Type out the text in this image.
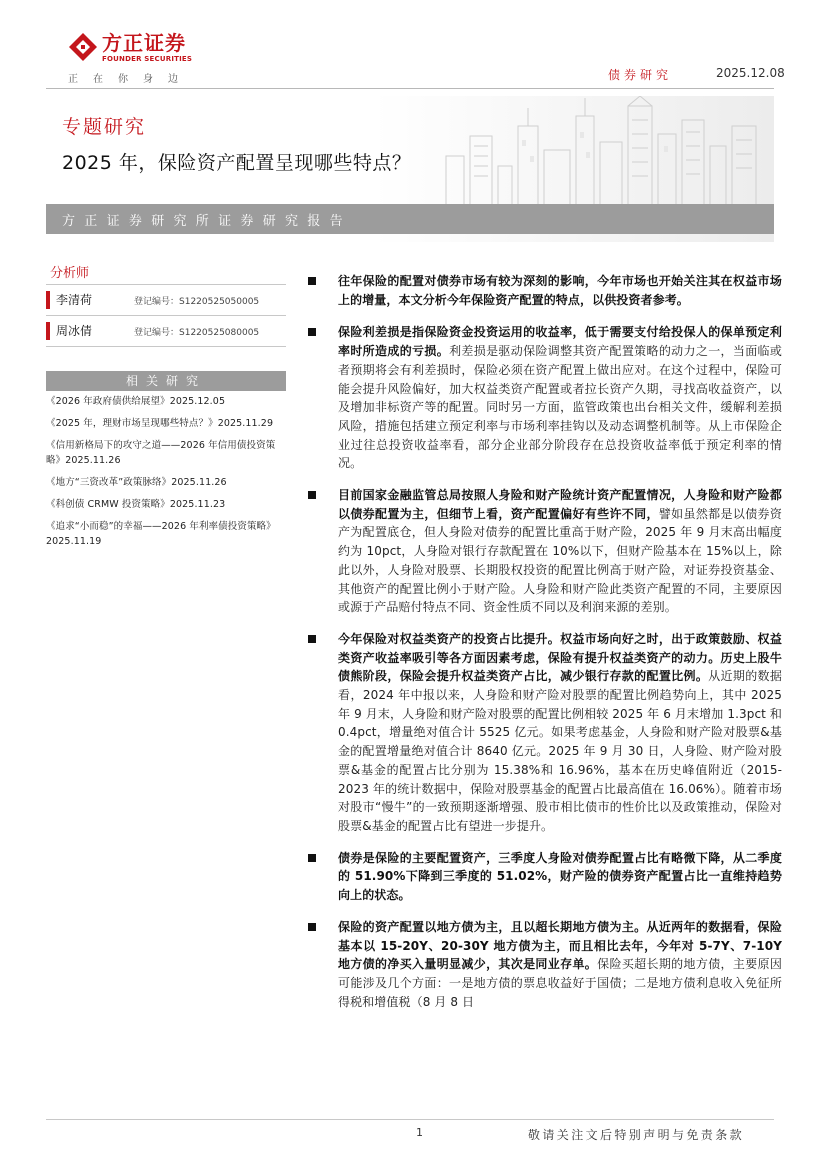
方正证券
FOUNDER SECURITIES
正在你身边	债券研究	2025.12.08
专题研究
2025 年，保险资产配置呈现哪些特点？
方正证券研究所证券研究报告
分析师
李清荷	登记编号：S1220525050005
周冰倩	登记编号：S1220525080005
相关研究
《2026 年政府债供给展望》2025.12.05
《2025 年，理财市场呈现哪些特点？》2025.11.29
《信用新格局下的攻守之道——2026 年信用债投资策略》2025.11.26
《地方“三资改革”政策脉络》2025.11.26
《科创债 CRMW 投资策略》2025.11.23
《追求“小而稳”的幸福——2026 年利率债投资策略》2025.11.19
往年保险的配置对债券市场有较为深刻的影响，今年市场也开始关注其在权益市场上的增量，本文分析今年保险资产配置的特点，以供投资者参考。
保险利差损是指保险资金投资运用的收益率，低于需要支付给投保人的保单预定利率时所造成的亏损。利差损是驱动保险调整其资产配置策略的动力之一，当面临或者预期将会有利差损时，保险必须在资产配置上做出应对。在这个过程中，保险可能会提升风险偏好，加大权益类资产配置或者拉长资产久期，寻找高收益资产，以及增加非标资产等的配置。同时另一方面，监管政策也出台相关文件，缓解利差损风险，措施包括建立预定利率与市场利率挂钩以及动态调整机制等。从上市保险企业过往总投资收益率看，部分企业部分阶段存在总投资收益率低于预定利率的情况。
目前国家金融监管总局按照人身险和财产险统计资产配置情况，人身险和财产险都以债券配置为主，但细节上看，资产配置偏好有些许不同，譬如虽然都是以债券资产为配置底仓，但人身险对债券的配置比重高于财产险，2025 年 9 月末高出幅度约为 10pct，人身险对银行存款配置在 10%以下，但财产险基本在 15%以上，除此以外，人身险对股票、长期股权投资的配置比例高于财产险，对证券投资基金、其他资产的配置比例小于财产险。人身险和财产险此类资产配置的不同，主要原因或源于产品赔付特点不同、资金性质不同以及利润来源的差别。
今年保险对权益类资产的投资占比提升。权益市场向好之时，出于政策鼓励、权益类资产收益率吸引等各方面因素考虑，保险有提升权益类资产的动力。历史上股牛债熊阶段，保险会提升权益类资产占比，减少银行存款的配置比例。从近期的数据看，2024 年中报以来，人身险和财产险对股票的配置比例趋势向上，其中 2025 年 9 月末，人身险和财产险对股票的配置比例相较 2025 年 6 月末增加 1.3pct 和 0.4pct，增量绝对值合计 5525 亿元。如果考虑基金，人身险和财产险对股票&基金的配置增量绝对值合计 8640 亿元。2025 年 9 月 30 日，人身险、财产险对股票&基金的配置占比分别为 15.38%和 16.96%，基本在历史峰值附近（2015-2023 年的统计数据中，保险对股票基金的配置占比最高值在 16.06%）。随着市场对股市“慢牛”的一致预期逐渐增强、股市相比债市的性价比以及政策推动，保险对股票&基金的配置占比有望进一步提升。
债券是保险的主要配置资产，三季度人身险对债券配置占比有略微下降，从二季度的 51.90%下降到三季度的 51.02%，财产险的债券资产配置占比一直维持趋势向上的状态。
保险的资产配置以地方债为主，且以超长期地方债为主。从近两年的数据看，保险基本以 15-20Y、20-30Y 地方债为主，而且相比去年，今年对 5-7Y、7-10Y 地方债的净买入量明显减少，其次是同业存单。保险买超长期的地方债，主要原因可能涉及几个方面：一是地方债的票息收益好于国债；二是地方债利息收入免征所得税和增值税（8 月 8 日
1	敬请关注文后特别声明与免责条款
